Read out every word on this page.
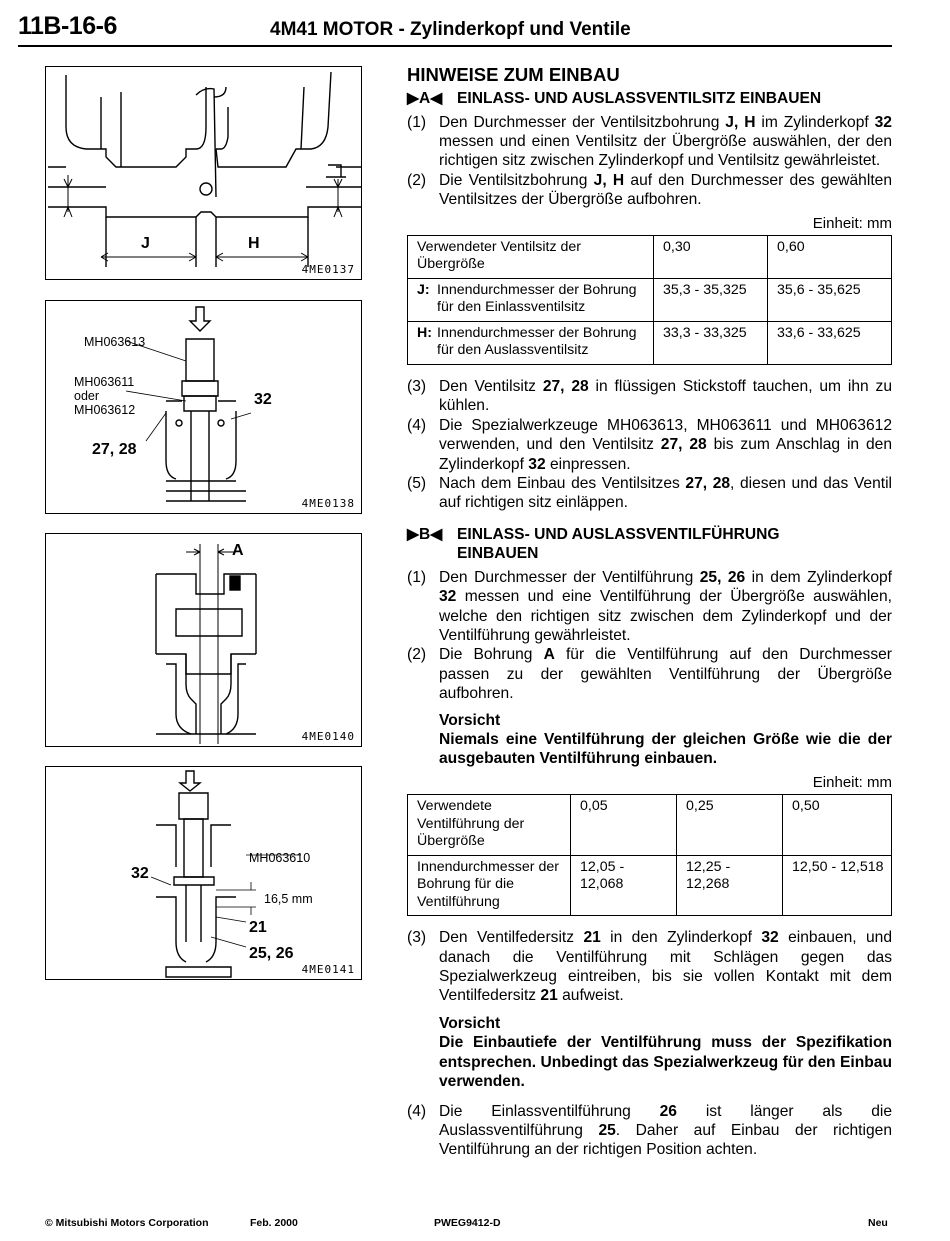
11B-16-6	4M41 MOTOR - Zylinderkopf und Ventile
J	H
4ME0137
MH063613
MH063611
oder
MH063612
32
27, 28
4ME0138
A
4ME0140
MH063610
16,5 mm
32
21
25, 26
4ME0141
HINWEISE ZUM EINBAU
▶A◀ EINLASS- UND AUSLASSVENTILSITZ EINBAUEN
(1) Den Durchmesser der Ventilsitzbohrung J, H im Zylinderkopf 32 messen und einen Ventilsitz der Übergröße auswählen, der den richtigen sitz zwischen Zylinderkopf und Ventilsitz gewährleistet.
(2) Die Ventilsitzbohrung J, H auf den Durchmesser des gewählten Ventilsitzes der Übergröße aufbohren.
Einheit: mm
Verwendeter Ventilsitz der Übergröße	0,30	0,60

J: Innendurchmesser der Bohrung für den Einlassventilsitz	35,3 - 35,325	35,6 - 35,625

H: Innendurchmesser der Bohrung für den Auslassventilsitz	33,3 - 33,325	33,6 - 33,625
(3) Den Ventilsitz 27, 28 in flüssigen Stickstoff tauchen, um ihn zu kühlen.
(4) Die Spezialwerkzeuge MH063613, MH063611 und MH063612 verwenden, und den Ventilsitz 27, 28 bis zum Anschlag in den Zylinderkopf 32 einpressen.
(5) Nach dem Einbau des Ventilsitzes 27, 28, diesen und das Ventil auf richtigen sitz einläppen.
▶B◀ EINLASS- UND AUSLASSVENTILFÜHRUNG
EINBAUEN
(1) Den Durchmesser der Ventilführung 25, 26 in dem Zylinderkopf 32 messen und eine Ventilführung der Übergröße auswählen, welche den richtigen sitz zwischen dem Zylinderkopf und der Ventilführung gewährleistet.
(2) Die Bohrung A für die Ventilführung auf den Durchmesser passen zu der gewählten Ventilführung der Übergröße aufbohren.
Vorsicht
Niemals eine Ventilführung der gleichen Größe wie die der ausgebauten Ventilführung einbauen.
Einheit: mm
Verwendete Ventilführung der Übergröße	0,05	0,25	0,50
Innendurchmesser der Bohrung für die Ventilführung	12,05 - 12,068	12,25 - 12,268	12,50 - 12,518
(3) Den Ventilfedersitz 21 in den Zylinderkopf 32 einbauen, und danach die Ventilführung mit Schlägen gegen das Spezialwerkzeug eintreiben, bis sie vollen Kontakt mit dem Ventilfedersitz 21 aufweist.
Vorsicht
Die Einbautiefe der Ventilführung muss der Spezifikation entsprechen. Unbedingt das Spezialwerkzeug für den Einbau verwenden.
(4) Die Einlassventilführung 26 ist länger als die Auslassventilführung 25. Daher auf Einbau der richtigen Ventilführung an der richtigen Position achten.
© Mitsubishi Motors Corporation	Feb. 2000	PWEG9412-D	Neu
